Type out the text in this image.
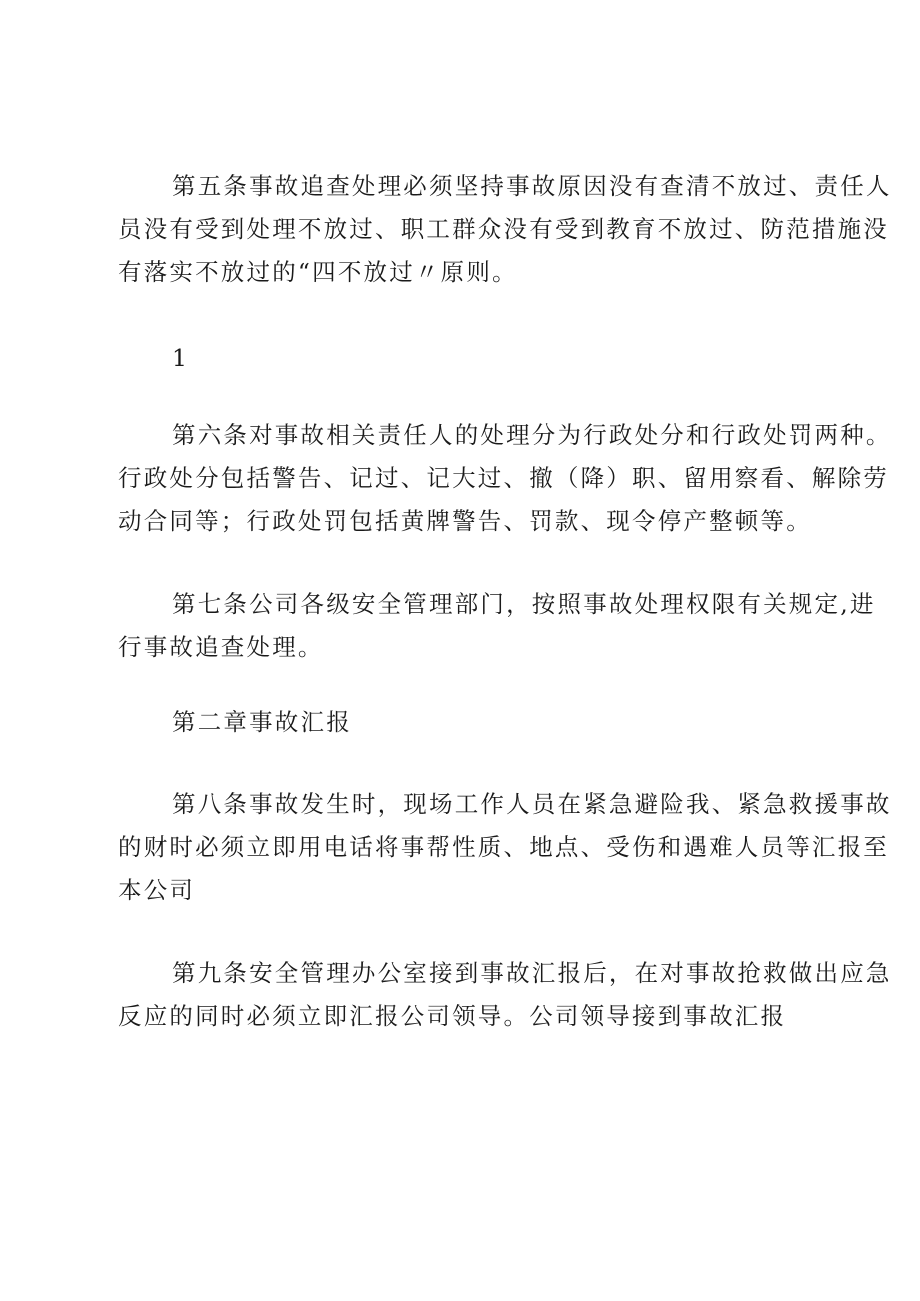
第五条事故追查处理必须坚持事故原因没有查清不放过、责任人
员没有受到处理不放过、职工群众没有受到教育不放过、防范措施没
有落实不放过的“四不放过〃原则。
1
第六条对事故相关责任人的处理分为行政处分和行政处罚两种。
行政处分包括警告、记过、记大过、撤（降）职、留用察看、解除劳
动合同等；行政处罚包括黄牌警告、罚款、现令停产整顿等。
第七条公司各级安全管理部门，按照事故处理权限有关规定,进
行事故追查处理。
第二章事故汇报
第八条事故发生时，现场工作人员在紧急避险我、紧急救援事故
的财时必须立即用电话将事帮性质、地点、受伤和遇难人员等汇报至
本公司
第九条安全管理办公室接到事故汇报后，在对事故抢救做出应急
反应的同时必须立即汇报公司领导。公司领导接到事故汇报
